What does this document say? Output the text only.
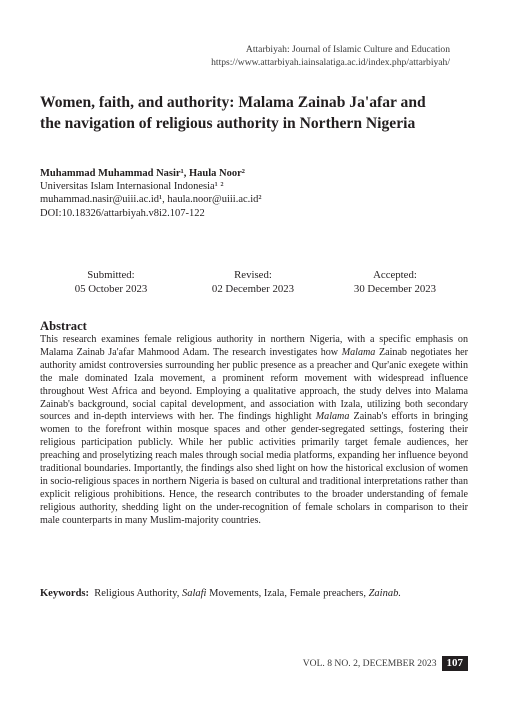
Attarbiyah: Journal of Islamic Culture and Education
https://www.attarbiyah.iainsalatiga.ac.id/index.php/attarbiyah/
Women, faith, and authority: Malama Zainab Ja'afar and
the navigation of religious authority in Northern Nigeria
Muhammad Muhammad Nasir¹, Haula Noor²
Universitas Islam Internasional Indonesia¹ ²
muhammad.nasir@uiii.ac.id¹, haula.noor@uiii.ac.id²
DOI:10.18326/attarbiyah.v8i2.107-122
Submitted:
05 October 2023
Revised:
02 December 2023
Accepted:
30 December 2023
Abstract
This research examines female religious authority in northern Nigeria, with a specific emphasis on Malama Zainab Ja'afar Mahmood Adam. The research investigates how Malama Zainab negotiates her authority amidst controversies surrounding her public presence as a preacher and Qur'anic exegete within the male dominated Izala movement, a prominent reform movement with widespread influence throughout West Africa and beyond. Employing a qualitative approach, the study delves into Malama Zainab's background, social capital development, and association with Izala, utilizing both secondary sources and in-depth interviews with her. The findings highlight Malama Zainab's efforts in bringing women to the forefront within mosque spaces and other gender-segregated settings, fostering their religious participation publicly. While her public activities primarily target female audiences, her preaching and proselytizing reach males through social media platforms, expanding her influence beyond traditional boundaries. Importantly, the findings also shed light on how the historical exclusion of women in socio-religious spaces in northern Nigeria is based on cultural and traditional interpretations rather than explicit religious prohibitions. Hence, the research contributes to the broader understanding of female religious authority, shedding light on the under-recognition of female scholars in comparison to their male counterparts in many Muslim-majority countries.
Keywords: Religious Authority, Salafi Movements, Izala, Female preachers, Zainab.
VOL. 8 NO. 2, DECEMBER 2023 107
